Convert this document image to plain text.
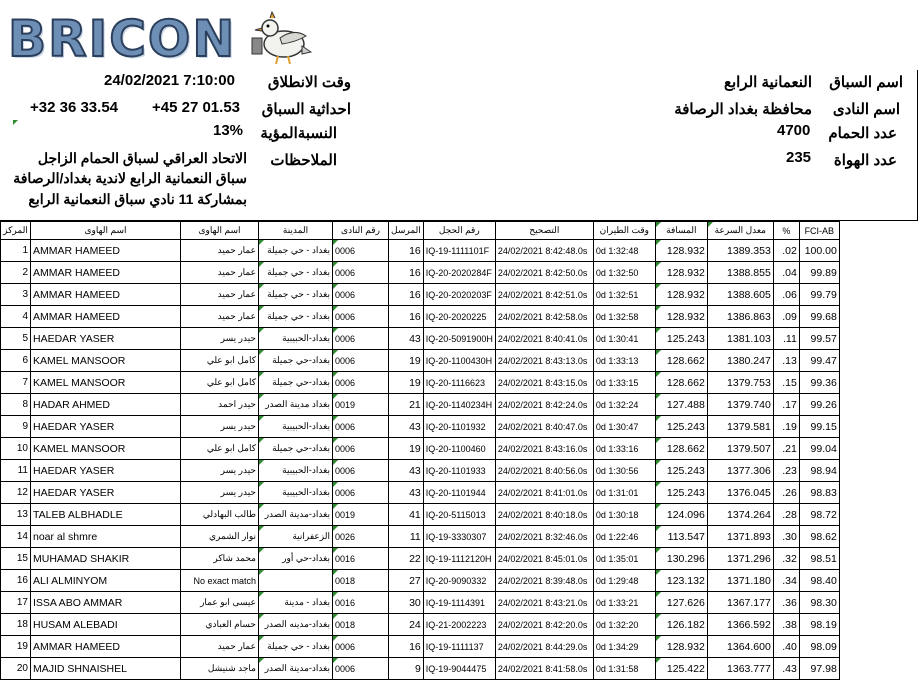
BRICON
اسم السباق
النعمانية الرابع
اسم النادى
محافظة بغداد الرصافة
عدد الحمام
4700
عدد الهواة
235
وقت الانطلاق
24/02/2021 7:10:00
احداثية السباق
+45 27 01.53
+32 36 33.54
النسبةالمؤية
13%
الملاحظات
الاتحاد العراقي لسباق الحمام الزاجل
سباق النعمانية الرابع لاندية بغداد/الرصافة
بمشاركة 11 نادي سباق النعمانية الرابع
المركز	اسم الهاوى	اسم الهاوى	المدينة	رقم النادى	المرسل	رقم الحجل	التصحيح	وقت الطيران	المسافة	معدل السرعة	%	FCI-AB
1	AMMAR HAMEED	عمار حميد	بغداد - حي جميلة	0006	16	IQ-19-1111101F	24/02/2021 8:42:48.0s	0d 1:32:48	128.932	1389.353	.02	100.00
2	AMMAR HAMEED	عمار حميد	بغداد - حي جميلة	0006	16	IQ-20-2020284F	24/02/2021 8:42:50.0s	0d 1:32:50	128.932	1388.855	.04	99.89
3	AMMAR HAMEED	عمار حميد	بغداد - حي جميلة	0006	16	IQ-20-2020203F	24/02/2021 8:42:51.0s	0d 1:32:51	128.932	1388.605	.06	99.79
4	AMMAR HAMEED	عمار حميد	بغداد - حي جميلة	0006	16	IQ-20-2020225	24/02/2021 8:42:58.0s	0d 1:32:58	128.932	1386.863	.09	99.68
5	HAEDAR YASER	حيدر يسر	بغداد-الحبيبية	0006	43	IQ-20-5091900H	24/02/2021 8:40:41.0s	0d 1:30:41	125.243	1381.103	.11	99.57
6	KAMEL MANSOOR	كامل ابو علي	بغداد-حي جميلة	0006	19	IQ-20-1100430H	24/02/2021 8:43:13.0s	0d 1:33:13	128.662	1380.247	.13	99.47
7	KAMEL MANSOOR	كامل ابو علي	بغداد-حي جميلة	0006	19	IQ-20-1116623	24/02/2021 8:43:15.0s	0d 1:33:15	128.662	1379.753	.15	99.36
8	HADAR AHMED	حيدر احمد	بغداد مدينة الصدر	0019	21	IQ-20-1140234H	24/02/2021 8:42:24.0s	0d 1:32:24	127.488	1379.740	.17	99.26
9	HAEDAR YASER	حيدر يسر	بغداد-الحبيبية	0006	43	IQ-20-1101932	24/02/2021 8:40:47.0s	0d 1:30:47	125.243	1379.581	.19	99.15
10	KAMEL MANSOOR	كامل ابو علي	بغداد-حي جميلة	0006	19	IQ-20-1100460	24/02/2021 8:43:16.0s	0d 1:33:16	128.662	1379.507	.21	99.04
11	HAEDAR YASER	حيدر يسر	بغداد-الحبيبية	0006	43	IQ-20-1101933	24/02/2021 8:40:56.0s	0d 1:30:56	125.243	1377.306	.23	98.94
12	HAEDAR YASER	حيدر يسر	بغداد-الحبيبية	0006	43	IQ-20-1101944	24/02/2021 8:41:01.0s	0d 1:31:01	125.243	1376.045	.26	98.83
13	TALEB ALBHADLE	طالب البهادلي	بغداد-مدينة الصدر	0019	41	IQ-20-5115013	24/02/2021 8:40:18.0s	0d 1:30:18	124.096	1374.264	.28	98.72
14	noar al shmre	نوار الشمري	الزعفرانية	0026	11	IQ-19-3330307	24/02/2021 8:32:46.0s	0d 1:22:46	113.547	1371.893	.30	98.62
15	MUHAMAD SHAKIR	محمد شاكر	بغداد-حي أور	0016	22	IQ-19-1112120H	24/02/2021 8:45:01.0s	0d 1:35:01	130.296	1371.296	.32	98.51
16	ALI ALMINYOM	No exact match		0018	27	IQ-20-9090332	24/02/2021 8:39:48.0s	0d 1:29:48	123.132	1371.180	.34	98.40
17	ISSA ABO AMMAR	عيسى ابو عمار	بغداد - مدينة	0016	30	IQ-19-1114391	24/02/2021 8:43:21.0s	0d 1:33:21	127.626	1367.177	.36	98.30
18	HUSAM ALEBADI	حسام العبادي	بغداد-مدينه الصدر	0018	24	IQ-21-2002223	24/02/2021 8:42:20.0s	0d 1:32:20	126.182	1366.592	.38	98.19
19	AMMAR HAMEED	عمار حميد	بغداد - حي جميلة	0006	16	IQ-19-1111137	24/02/2021 8:44:29.0s	0d 1:34:29	128.932	1364.600	.40	98.09
20	MAJID SHNAISHEL	ماجد شنيشل	بغداد-مدينة الصدر	0006	9	IQ-19-9044475	24/02/2021 8:41:58.0s	0d 1:31:58	125.422	1363.777	.43	97.98
